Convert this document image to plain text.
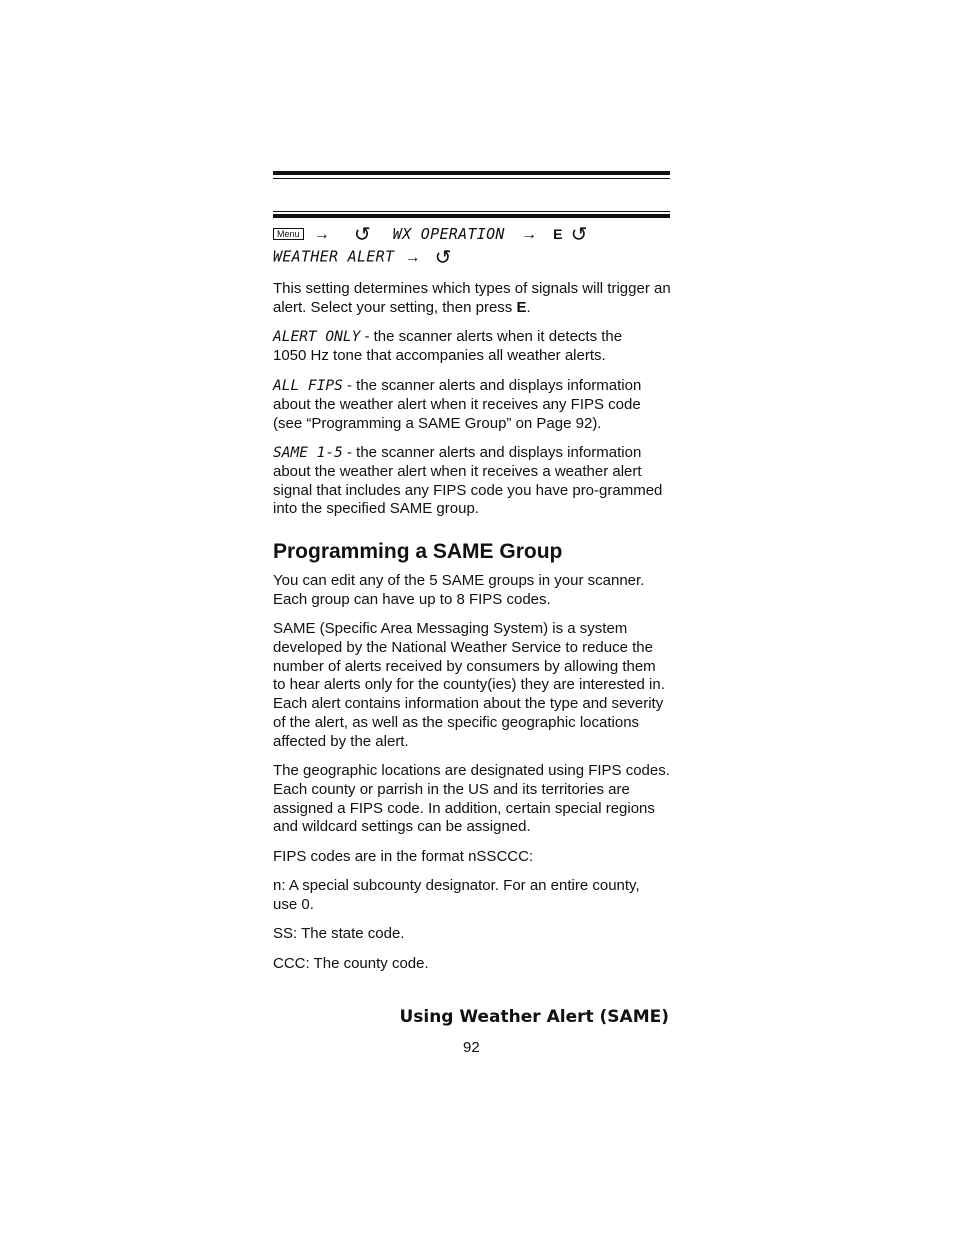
Menu → ↺ WX OPERATION → E ↺
WEATHER ALERT → ↺

This setting determines which types of signals will trigger an alert. Select your setting, then press E.

ALERT ONLY - the scanner alerts when it detects the 1050 Hz tone that accompanies all weather alerts.

ALL FIPS - the scanner alerts and displays information about the weather alert when it receives any FIPS code (see “Programming a SAME Group” on Page 92).

SAME 1-5 - the scanner alerts and displays information about the weather alert when it receives a weather alert signal that includes any FIPS code you have pro-grammed into the specified SAME group.

Programming a SAME Group

You can edit any of the 5 SAME groups in your scanner. Each group can have up to 8 FIPS codes.

SAME (Specific Area Messaging System) is a system developed by the National Weather Service to reduce the number of alerts received by consumers by allowing them to hear alerts only for the county(ies) they are interested in. Each alert contains information about the type and severity of the alert, as well as the specific geographic locations affected by the alert.

The geographic locations are designated using FIPS codes. Each county or parrish in the US and its territories are assigned a FIPS code. In addition, certain special regions and wildcard settings can be assigned.

FIPS codes are in the format nSSCCC:

n: A special subcounty designator. For an entire county, use 0.

SS: The state code.

CCC: The county code.

Using Weather Alert (SAME)
92
